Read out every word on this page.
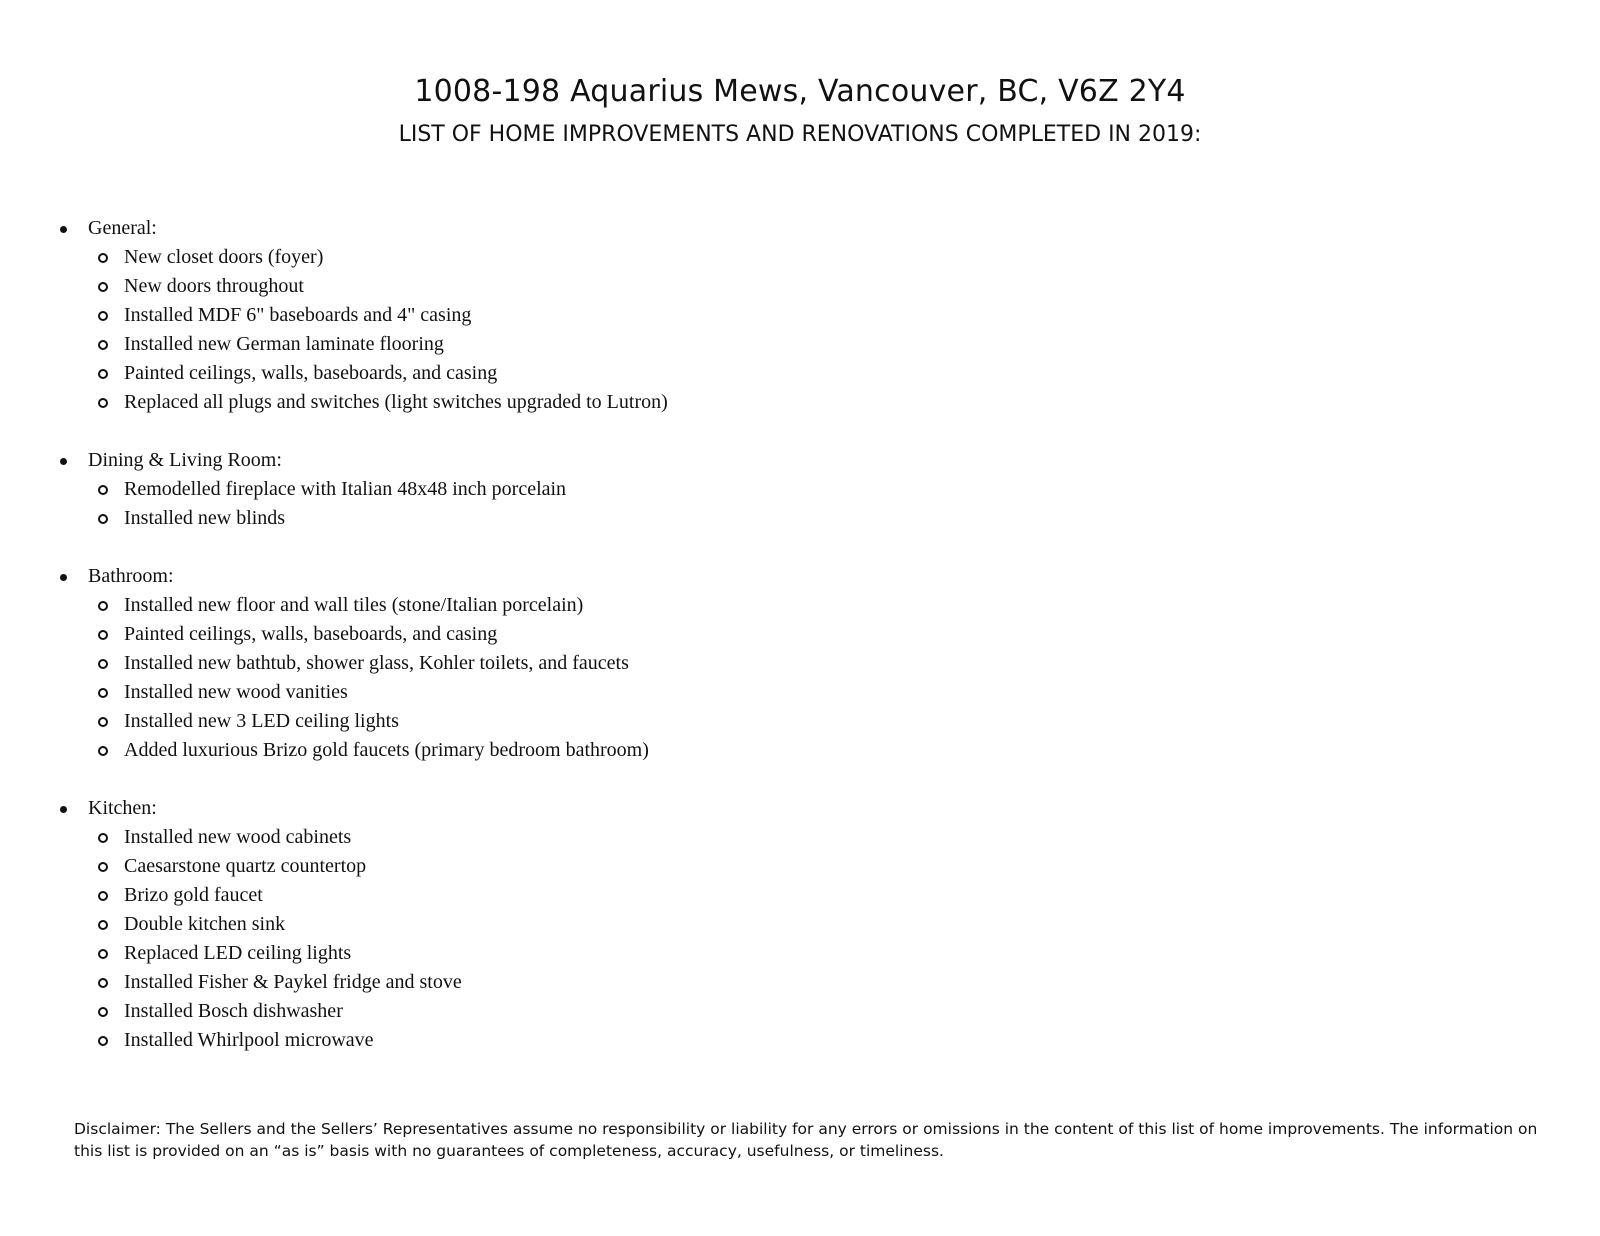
1008-198 Aquarius Mews, Vancouver, BC, V6Z 2Y4
LIST OF HOME IMPROVEMENTS AND RENOVATIONS COMPLETED IN 2019:
General:
New closet doors (foyer)
New doors throughout
Installed MDF 6" baseboards and 4" casing
Installed new German laminate flooring
Painted ceilings, walls, baseboards, and casing
Replaced all plugs and switches (light switches upgraded to Lutron)
Dining & Living Room:
Remodelled fireplace with Italian 48x48 inch porcelain
Installed new blinds
Bathroom:
Installed new floor and wall tiles (stone/Italian porcelain)
Painted ceilings, walls, baseboards, and casing
Installed new bathtub, shower glass, Kohler toilets, and faucets
Installed new wood vanities
Installed new 3 LED ceiling lights
Added luxurious Brizo gold faucets (primary bedroom bathroom)
Kitchen:
Installed new wood cabinets
Caesarstone quartz countertop
Brizo gold faucet
Double kitchen sink
Replaced LED ceiling lights
Installed Fisher & Paykel fridge and stove
Installed Bosch dishwasher
Installed Whirlpool microwave

Disclaimer: The Sellers and the Sellers’ Representatives assume no responsibility or liability for any errors or omissions in the content of this list of home improvements. The information on this list is provided on an “as is” basis with no guarantees of completeness, accuracy, usefulness, or timeliness.
